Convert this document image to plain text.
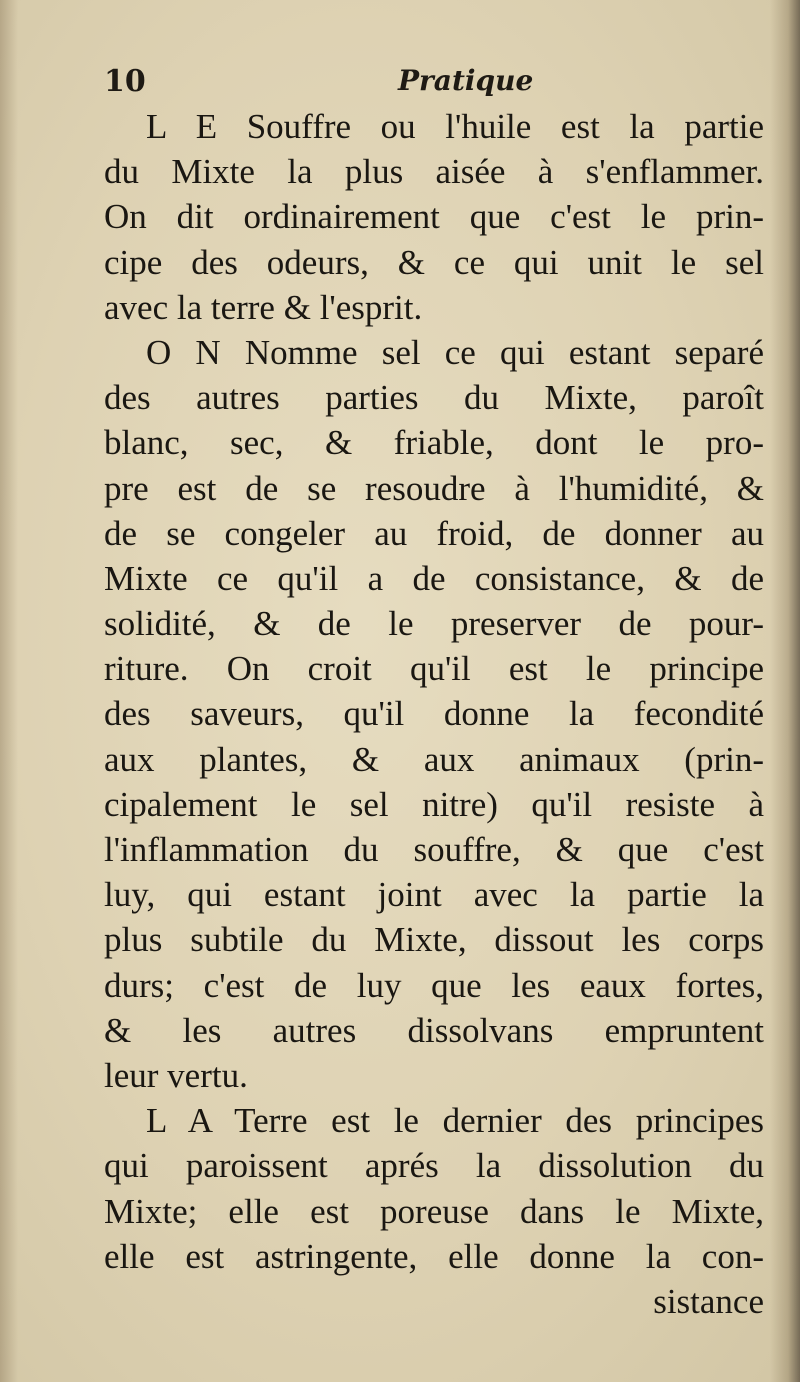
10	Pratique
L E Souffre ou l'huile est la partie
du Mixte la plus aisée à s'enflammer.
On dit ordinairement que c'est le prin-
cipe des odeurs, & ce qui unit le sel
avec la terre & l'esprit.
O N Nomme sel ce qui estant separé
des autres parties du Mixte, paroît
blanc, sec, & friable, dont le pro-
pre est de se resoudre à l'humidité, &
de se congeler au froid, de donner au
Mixte ce qu'il a de consistance, & de
solidité, & de le preserver de pour-
riture. On croit qu'il est le principe
des saveurs, qu'il donne la fecondité
aux plantes, & aux animaux (prin-
cipalement le sel nitre) qu'il resiste à
l'inflammation du souffre, & que c'est
luy, qui estant joint avec la partie la
plus subtile du Mixte, dissout les corps
durs; c'est de luy que les eaux fortes,
& les autres dissolvans empruntent
leur vertu.
L A Terre est le dernier des principes
qui paroissent aprés la dissolution du
Mixte; elle est poreuse dans le Mixte,
elle est astringente, elle donne la con-
sistance
